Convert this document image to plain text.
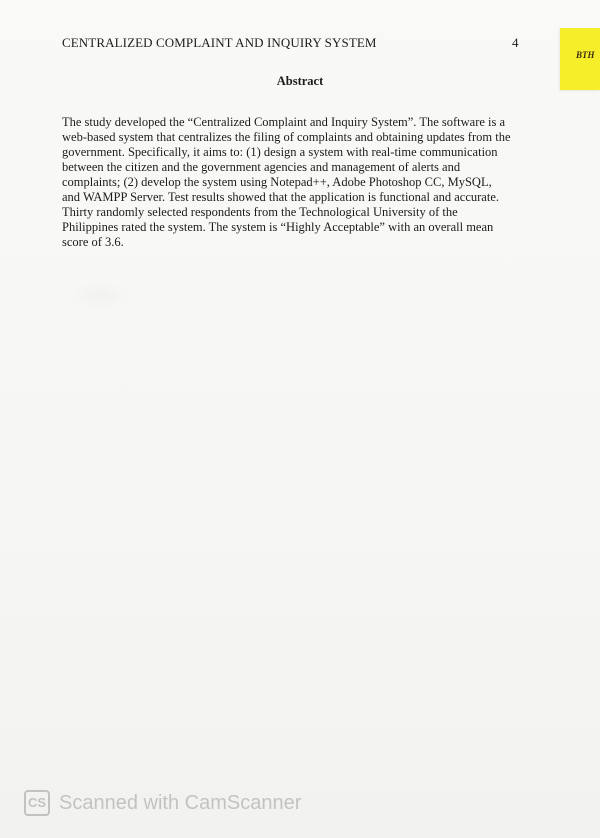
CENTRALIZED COMPLAINT AND INQUIRY SYSTEM	4
BTH
Abstract
The study developed the “Centralized Complaint and Inquiry System”. The software is a
web-based system that centralizes the filing of complaints and obtaining updates from the
government. Specifically, it aims to: (1) design a system with real-time communication
between the citizen and the government agencies and management of alerts and
complaints; (2) develop the system using Notepad++, Adobe Photoshop CC, MySQL,
and WAMPP Server. Test results showed that the application is functional and accurate.
Thirty randomly selected respondents from the Technological University of the
Philippines rated the system. The system is “Highly Acceptable” with an overall mean
score of 3.6.
CS Scanned with CamScanner
